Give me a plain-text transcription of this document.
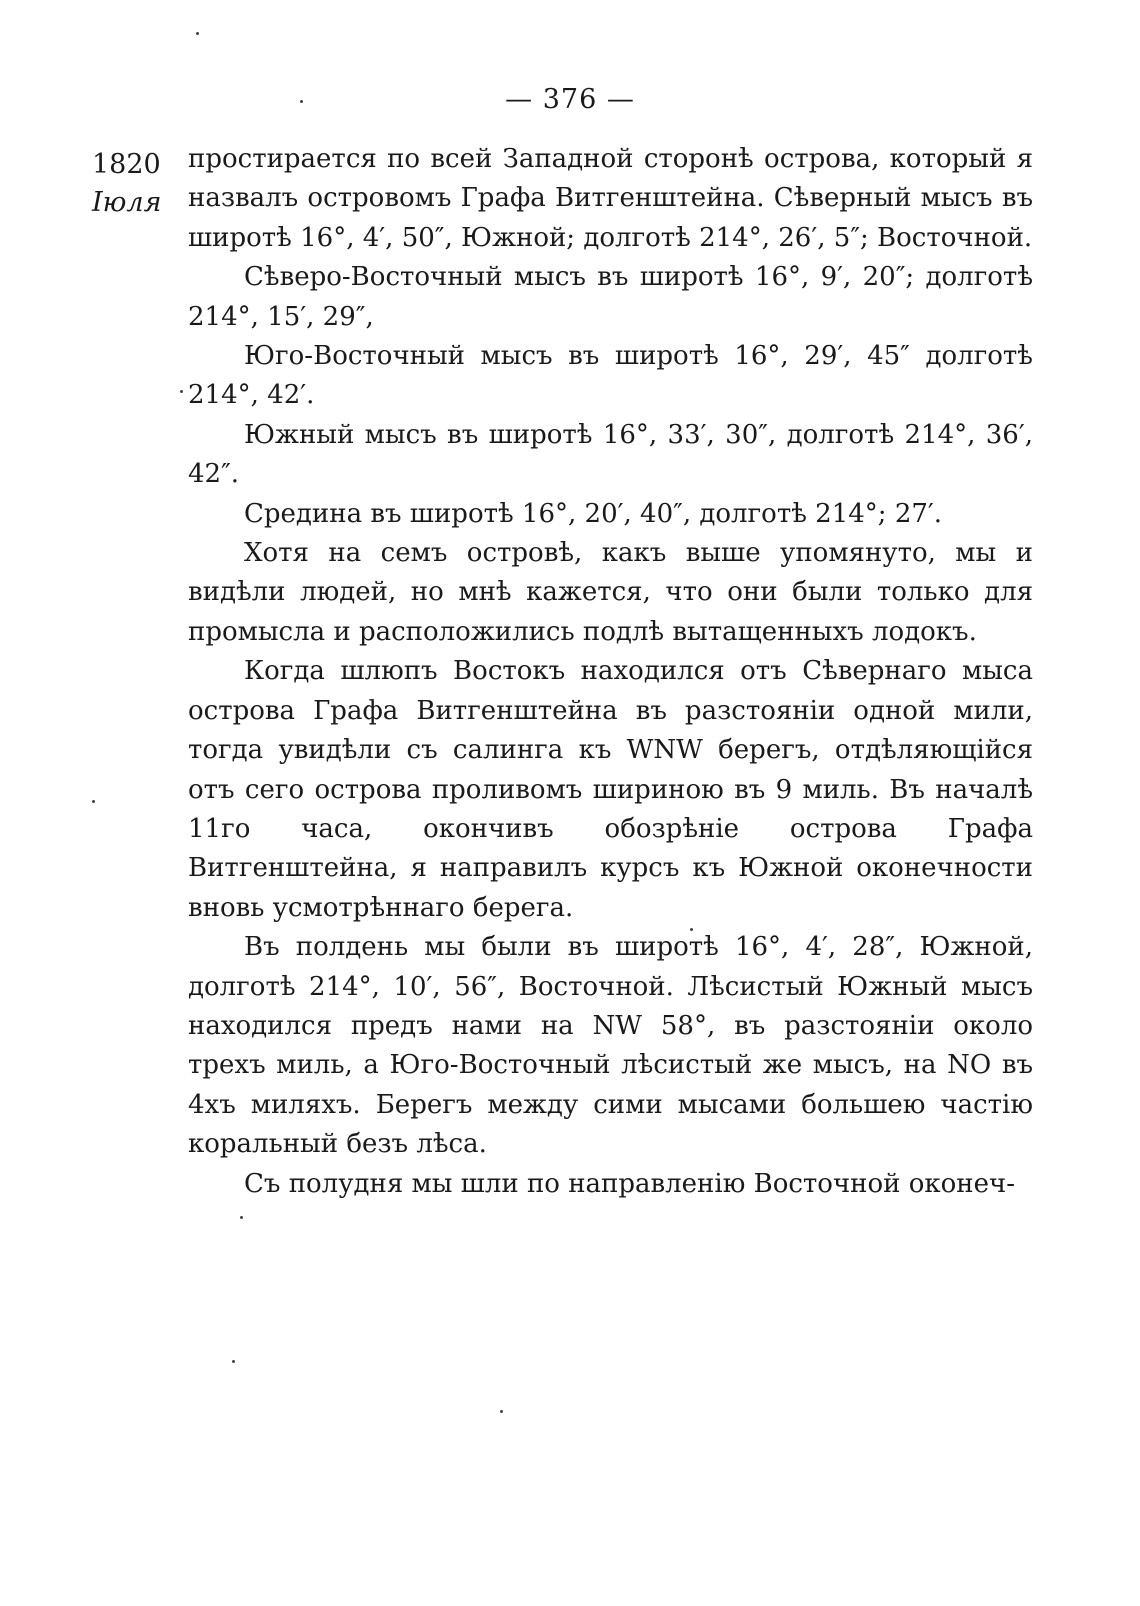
— 376 —
1820
Іюля

простирается по всей Западной сторонѣ острова, который я назвалъ островомъ Графа Витгенштейна. Сѣверный мысъ въ широтѣ 16°, 4′, 50″, Южной; долготѣ 214°, 26′, 5″; Восточной.

Сѣверо-Восточный мысъ въ широтѣ 16°, 9′, 20″; долготѣ 214°, 15′, 29″,

Юго-Восточный мысъ въ широтѣ 16°, 29′, 45″ долготѣ 214°, 42′.

Южный мысъ въ широтѣ 16°, 33′, 30″, долготѣ 214°, 36′, 42″.

Средина въ широтѣ 16°, 20′, 40″, долготѣ 214°; 27′.

Хотя на семъ островѣ, какъ выше упомянуто, мы и видѣли людей, но мнѣ кажется, что они были только для промысла и расположились подлѣ вытащенныхъ лодокъ.

Когда шлюпъ Востокъ находился отъ Сѣвернаго мыса острова Графа Витгенштейна въ разстояніи одной мили, тогда увидѣли съ салинга къ WNW берегъ, отдѣляющійся отъ сего острова проливомъ шириною въ 9 миль. Въ началѣ 11го часа, окончивъ обозрѣніе острова Графа Витгенштейна, я направилъ курсъ къ Южной оконечности вновь усмотрѣннаго берега.

Въ полдень мы были въ широтѣ 16°, 4′, 28″, Южной, долготѣ 214°, 10′, 56″, Восточной. Лѣсистый Южный мысъ находился предъ нами на NW 58°, въ разстояніи около трехъ миль, а Юго-Восточный лѣсистый же мысъ, на NO въ 4хъ миляхъ. Берегъ между сими мысами большею частію коральный безъ лѣса.

Съ полудня мы шли по направленію Восточной оконеч-
